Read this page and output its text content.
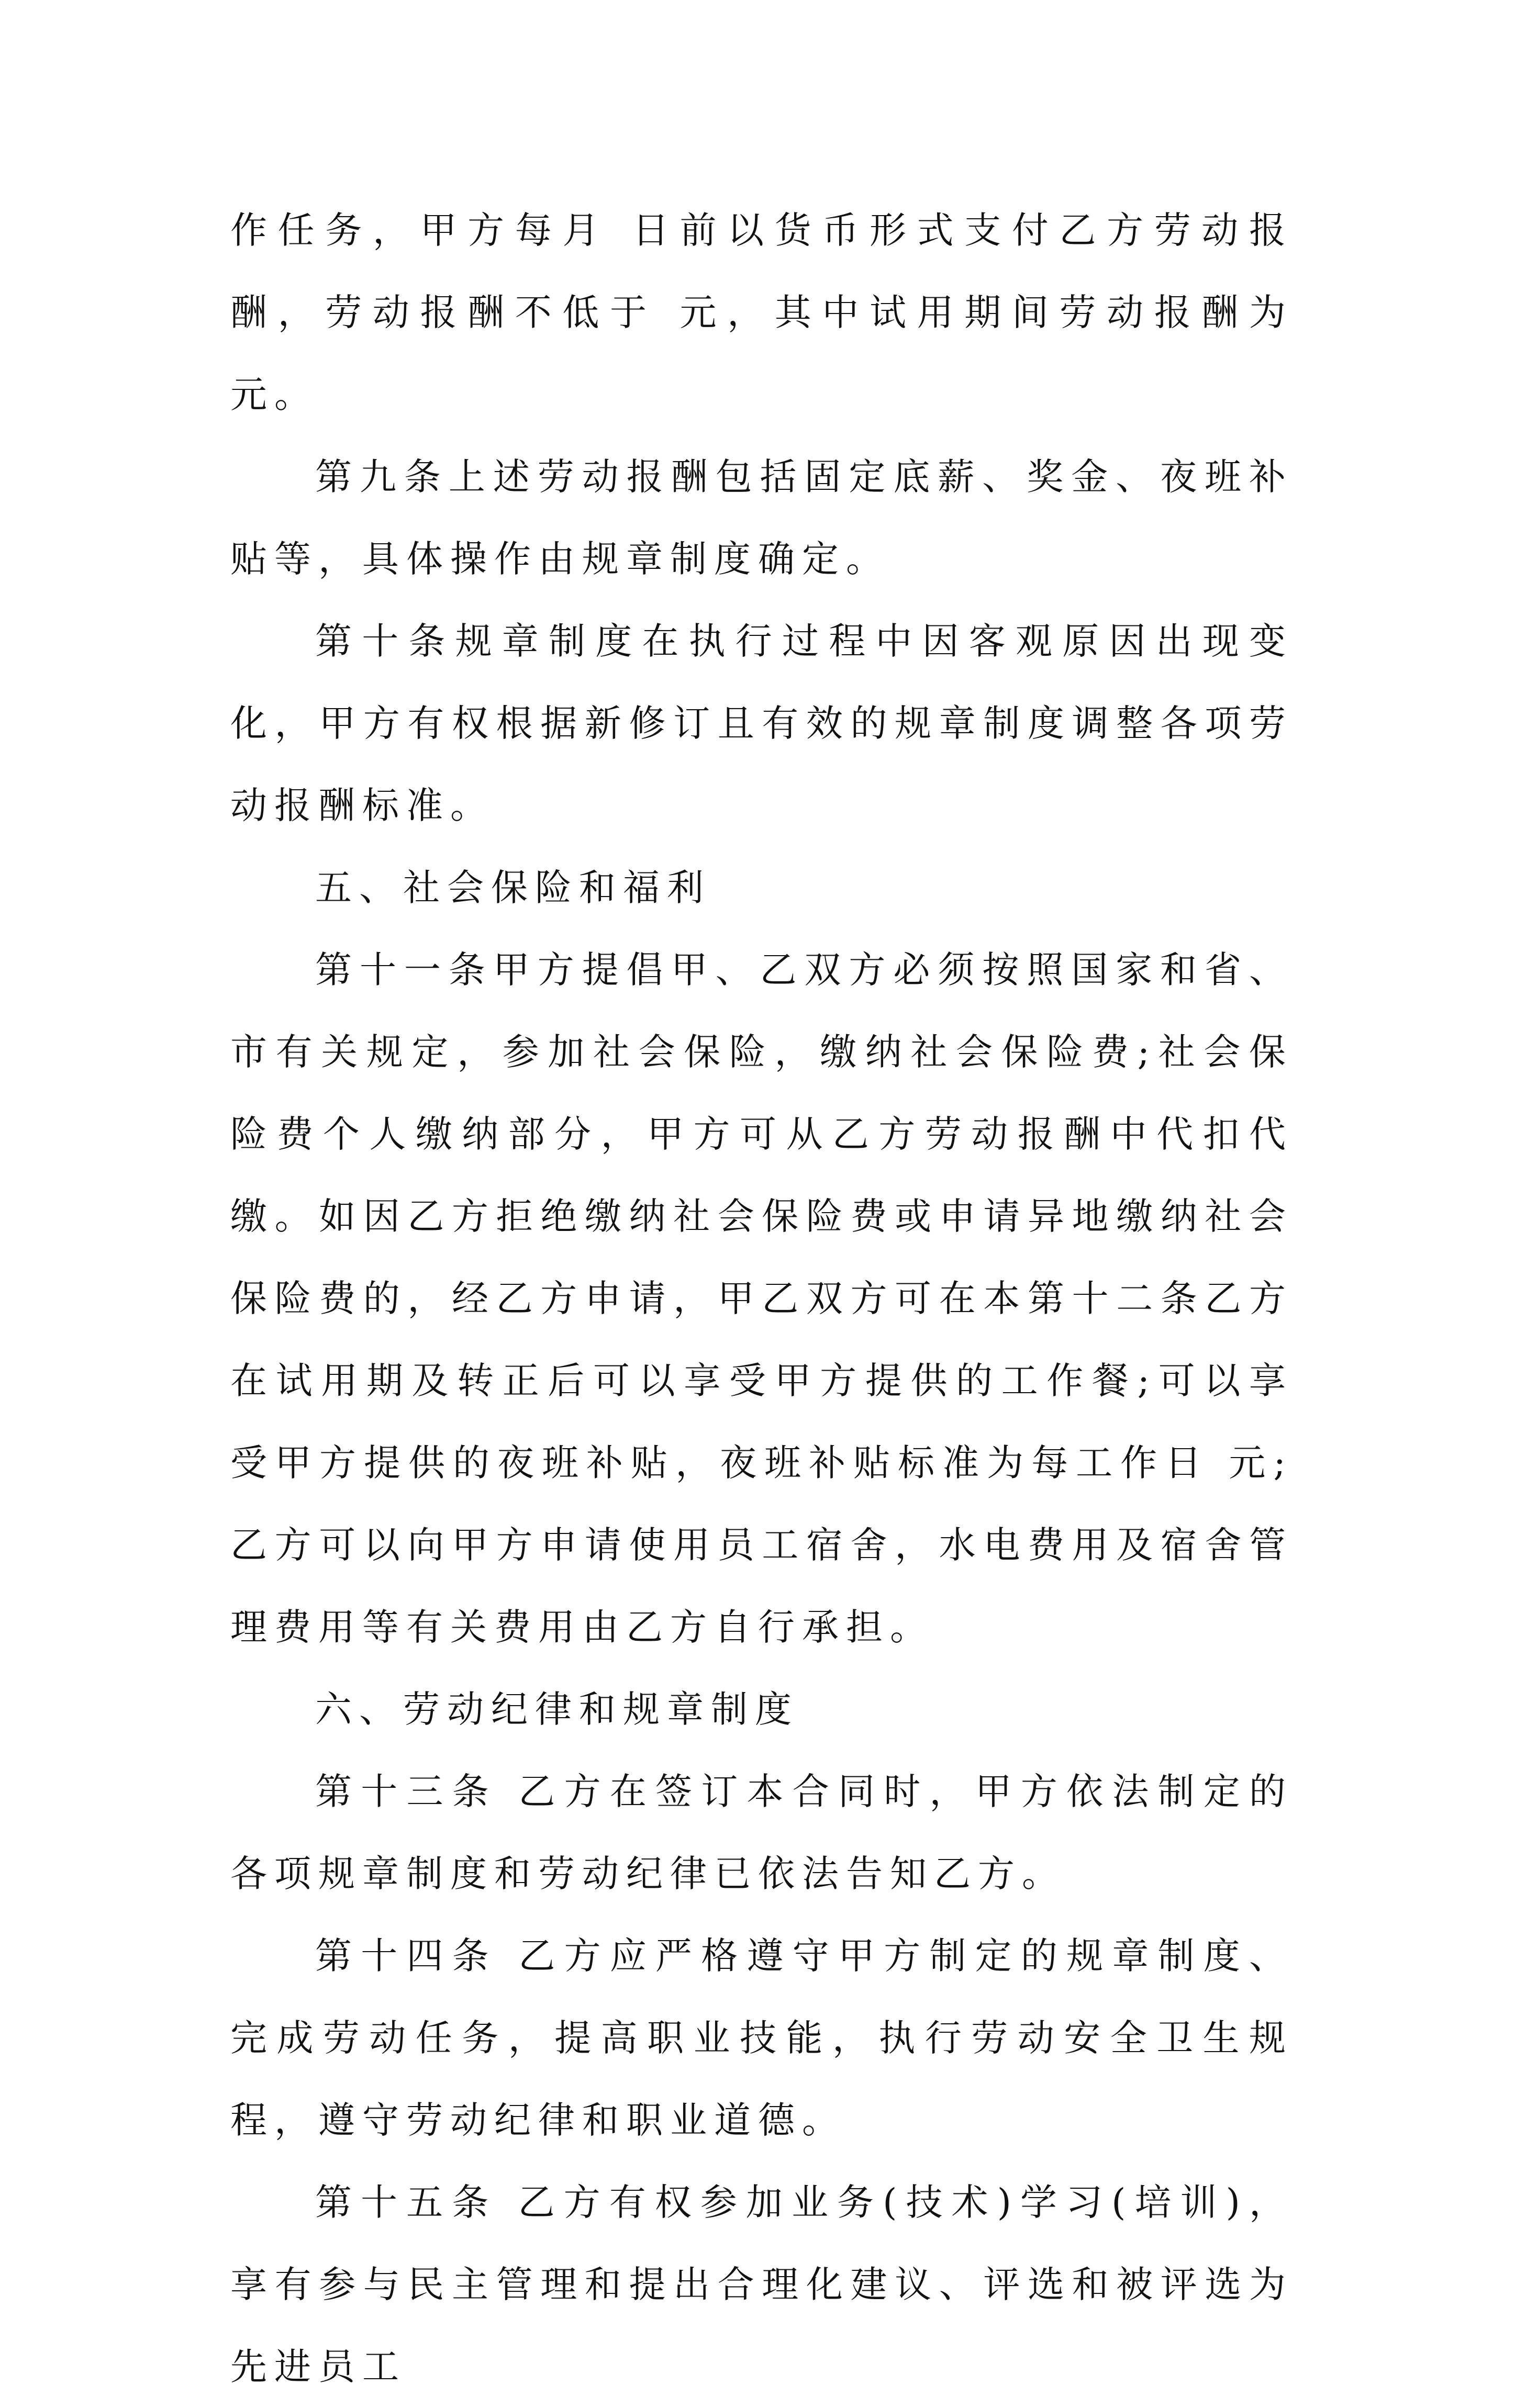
作任务，甲方每月 日前以货币形式支付乙方劳动报酬，劳动报酬不低于 元，其中试用期间劳动报酬为 元。

第九条上述劳动报酬包括固定底薪、奖金、夜班补贴等，具体操作由规章制度确定。

第十条规章制度在执行过程中因客观原因出现变化，甲方有权根据新修订且有效的规章制度调整各项劳动报酬标准。

五、社会保险和福利

第十一条甲方提倡甲、乙双方必须按照国家和省、市有关规定，参加社会保险，缴纳社会保险费;社会保险费个人缴纳部分，甲方可从乙方劳动报酬中代扣代缴。如因乙方拒绝缴纳社会保险费或申请异地缴纳社会保险费的，经乙方申请，甲乙双方可在本第十二条乙方在试用期及转正后可以享受甲方提供的工作餐;可以享受甲方提供的夜班补贴，夜班补贴标准为每工作日 元;乙方可以向甲方申请使用员工宿舍，水电费用及宿舍管理费用等有关费用由乙方自行承担。

六、劳动纪律和规章制度

第十三条 乙方在签订本合同时，甲方依法制定的各项规章制度和劳动纪律已依法告知乙方。

第十四条 乙方应严格遵守甲方制定的规章制度、完成劳动任务，提高职业技能，执行劳动安全卫生规程，遵守劳动纪律和职业道德。

第十五条 乙方有权参加业务(技术)学习(培训)，享有参与民主管理和提出合理化建议、评选和被评选为先进员工
